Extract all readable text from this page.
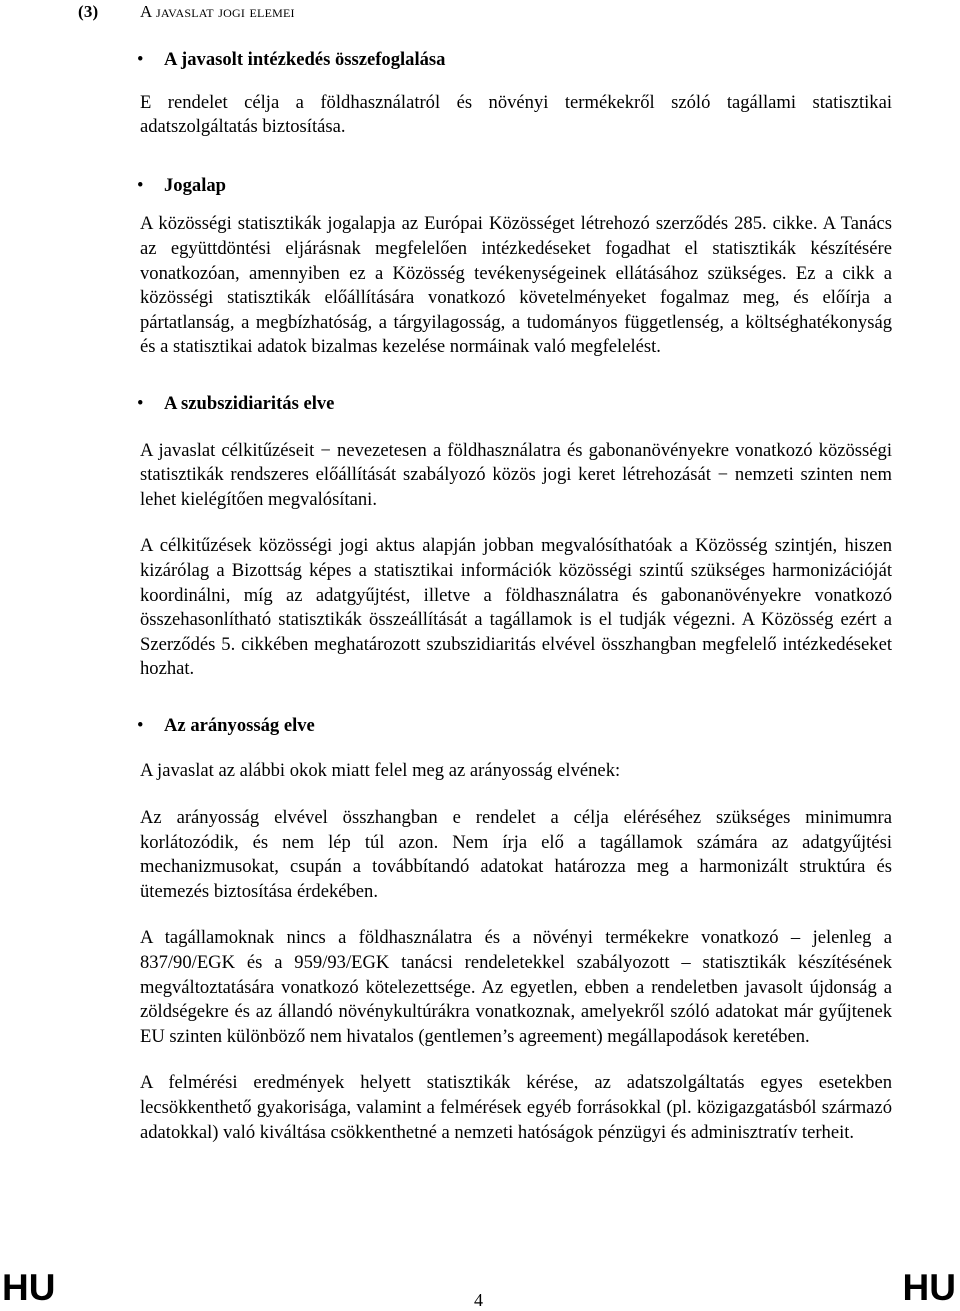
(3) A javaslat jogi elemei
• A javasolt intézkedés összefoglalása

E rendelet célja a földhasználatról és növényi termékekről szóló tagállami statisztikai adatszolgáltatás biztosítása.

• Jogalap

A közösségi statisztikák jogalapja az Európai Közösséget létrehozó szerződés 285. cikke. A Tanács az együttdöntési eljárásnak megfelelően intézkedéseket fogadhat el statisztikák készítésére vonatkozóan, amennyiben ez a Közösség tevékenységeinek ellátásához szükséges. Ez a cikk a közösségi statisztikák előállítására vonatkozó követelményeket fogalmaz meg, és előírja a pártatlanság, a megbízhatóság, a tárgyilagosság, a tudományos függetlenség, a költséghatékonyság és a statisztikai adatok bizalmas kezelése normáinak való megfelelést.

• A szubszidiaritás elve

A javaslat célkitűzéseit − nevezetesen a földhasználatra és gabonanövényekre vonatkozó közösségi statisztikák rendszeres előállítását szabályozó közös jogi keret létrehozását − nemzeti szinten nem lehet kielégítően megvalósítani.

A célkitűzések közösségi jogi aktus alapján jobban megvalósíthatóak a Közösség szintjén, hiszen kizárólag a Bizottság képes a statisztikai információk közösségi szintű szükséges harmonizációját koordinálni, míg az adatgyűjtést, illetve a földhasználatra és gabonanövényekre vonatkozó összehasonlítható statisztikák összeállítását a tagállamok is el tudják végezni. A Közösség ezért a Szerződés 5. cikkében meghatározott szubszidiaritás elvével összhangban megfelelő intézkedéseket hozhat.

• Az arányosság elve

A javaslat az alábbi okok miatt felel meg az arányosság elvének:

Az arányosság elvével összhangban e rendelet a célja eléréséhez szükséges minimumra korlátozódik, és nem lép túl azon. Nem írja elő a tagállamok számára az adatgyűjtési mechanizmusokat, csupán a továbbítandó adatokat határozza meg a harmonizált struktúra és ütemezés biztosítása érdekében.

A tagállamoknak nincs a földhasználatra és a növényi termékekre vonatkozó – jelenleg a 837/90/EGK és a 959/93/EGK tanácsi rendeletekkel szabályozott – statisztikák készítésének megváltoztatására vonatkozó kötelezettsége. Az egyetlen, ebben a rendeletben javasolt újdonság a zöldségekre és az állandó növénykultúrákra vonatkoznak, amelyekről szóló adatokat már gyűjtenek EU szinten különböző nem hivatalos (gentlemen’s agreement) megállapodások keretében.

A felmérési eredmények helyett statisztikák kérése, az adatszolgáltatás egyes esetekben lecsökkenthető gyakorisága, valamint a felmérések egyéb forrásokkal (pl. közigazgatásból származó adatokkal) való kiváltása csökkenthetné a nemzeti hatóságok pénzügyi és adminisztratív terheit.

HU	4	HU
